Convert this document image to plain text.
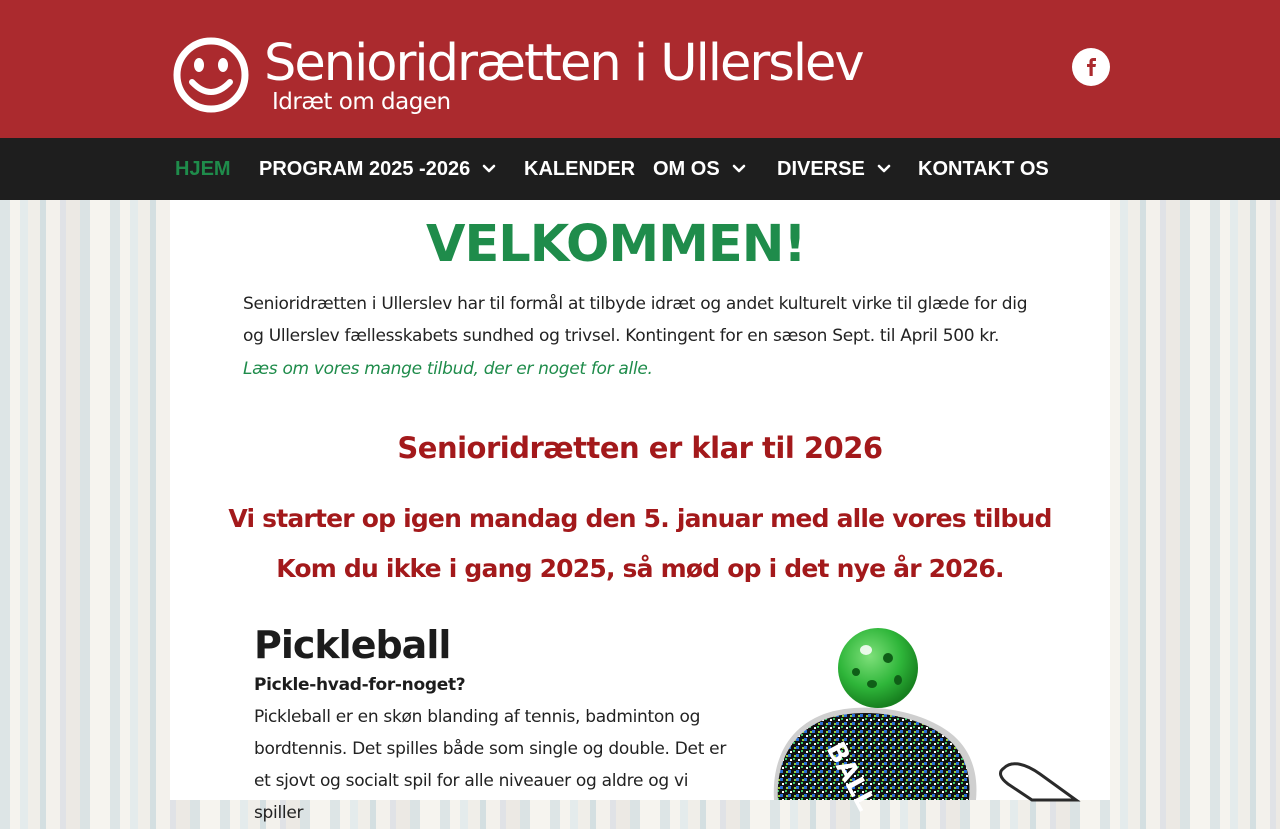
Senioridrætten i Ullerslev
Idræt om dagen
HJEM PROGRAM 2025 -2026	KALENDER OM OS	DIVERSE	KONTAKT OS
VELKOMMEN!

Senioridrætten i Ullerslev har til formål at tilbyde idræt og andet kulturelt virke til glæde for dig og Ullerslev fællesskabets sundhed og trivsel. Kontingent for en sæson Sept. til April 500 kr.

Læs om vores mange tilbud, der er noget for alle.
Senioridrætten er klar til 2026
Vi starter op igen mandag den 5. januar med alle vores tilbud
Kom du ikke i gang 2025, så mød op i det nye år 2026.
Pickleball
Pickle-hvad-for-noget?

Pickleball er en skøn blanding af tennis, badminton og bordtennis. Det spilles både som single og double. Det er et sjovt og socialt spil for alle niveauer og aldre og vi spiller	BALL
